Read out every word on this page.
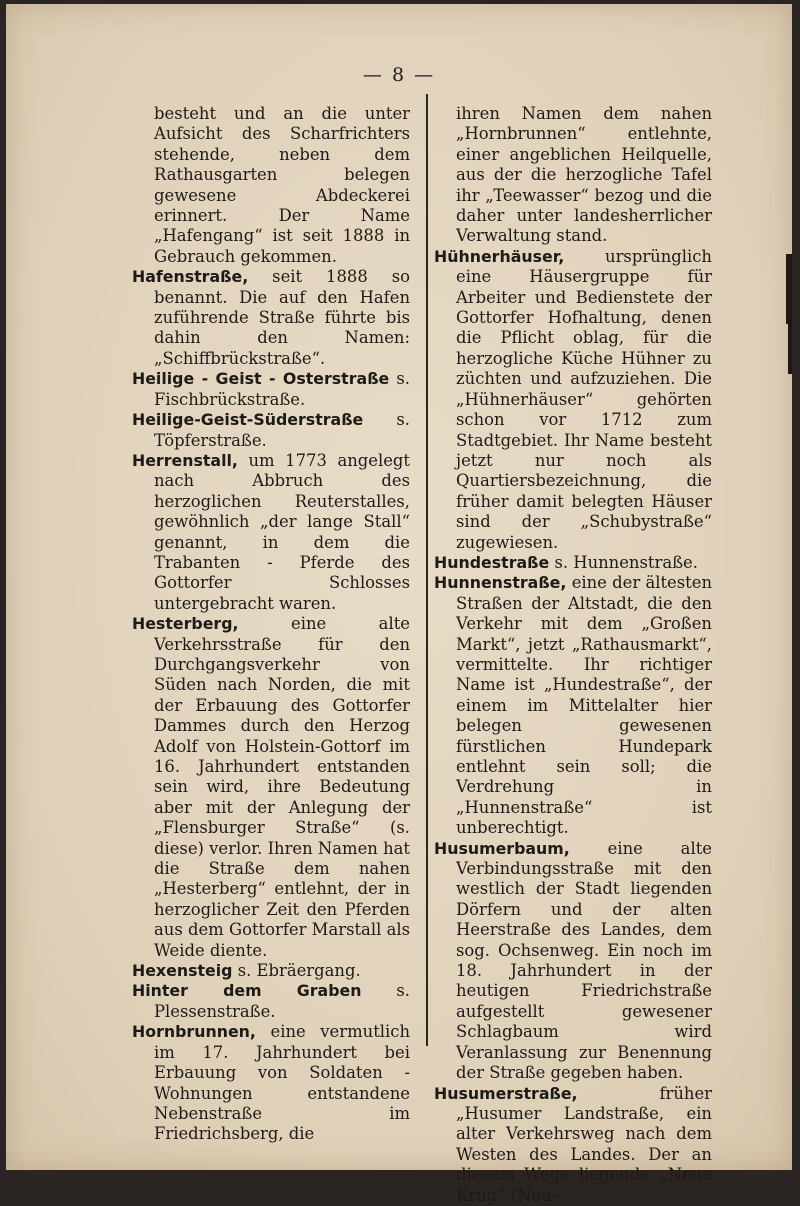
— 8 —

besteht und an die unter Aufsicht des Scharfrichters stehende, neben dem Rathausgarten belegen gewesene Abdeckerei erinnert. Der Name „Hafengang“ ist seit 1888 in Gebrauch gekommen.

Hafenstraße, seit 1888 so benannt. Die auf den Hafen zuführende Straße führte bis dahin den Namen: „Schiffbrückstraße“.

Heilige - Geist - Osterstraße s. Fischbrückstraße.

Heilige-Geist-Süderstraße s. Töpferstraße.

Herrenstall, um 1773 angelegt nach Abbruch des herzoglichen Reuterstalles, gewöhnlich „der lange Stall“ genannt, in dem die Trabanten - Pferde des Gottorfer Schlosses untergebracht waren.

Hesterberg,	eine alte Verkehrsstraße für den Durchgangsverkehr von Süden nach Norden, die mit der Erbauung des Gottorfer Dammes durch den Herzog Adolf von Holstein-Gottorf im 16. Jahrhundert entstanden sein wird, ihre Bedeutung aber mit der Anlegung der „Flensburger Straße“ (s. diese) verlor. Ihren Namen hat die Straße dem nahen „Hesterberg“ entlehnt, der in herzoglicher Zeit den Pferden aus dem Gottorfer Marstall als Weide diente.

Hexensteig s. Ebräergang.

Hinter dem Graben s. Plessenstraße.

Hornbrunnen, eine vermutlich im 17. Jahrhundert bei Erbauung von Soldaten - Wohnungen entstandene Nebenstraße im Friedrichsberg, die

ihren Namen dem nahen „Hornbrunnen“ entlehnte, einer angeblichen Heilquelle, aus der die herzogliche Tafel ihr „Teewasser“ bezog und die daher unter landesherrlicher Verwaltung stand.

Hühnerhäuser, ursprünglich eine Häusergruppe für Arbeiter und Bedienstete der Gottorfer Hofhaltung, denen die Pflicht oblag, für die herzogliche Küche Hühner zu züchten und aufzuziehen. Die „Hühnerhäuser“ gehörten schon vor 1712 zum Stadtgebiet. Ihr Name besteht jetzt nur noch als Quartiersbezeichnung, die früher damit belegten Häuser sind der „Schubystraße“ zugewiesen.

Hundestraße s. Hunnenstraße.

Hunnenstraße, eine der ältesten Straßen der Altstadt, die den Verkehr mit dem „Großen Markt“, jetzt „Rathausmarkt“, vermittelte. Ihr richtiger Name ist „Hundestraße“, der einem im Mittelalter hier belegen gewesenen fürstlichen Hundepark entlehnt sein soll; die Verdrehung in „Hunnenstraße“ ist unberechtigt.

Husumerbaum, eine alte Verbindungsstraße mit den westlich der Stadt liegenden Dörfern und der alten Heerstraße des Landes, dem sog. Ochsenweg. Ein noch im 18. Jahrhundert in der heutigen Friedrichstraße aufgestellt gewesener Schlagbaum wird Veranlassung zur Benennung der Straße gegeben haben.

Husumerstraße,	früher „Husumer Landstraße, ein alter Verkehrsweg nach dem Westen des Landes. Der an diesem Wege liegende „Neue Krug“ (Neu-
